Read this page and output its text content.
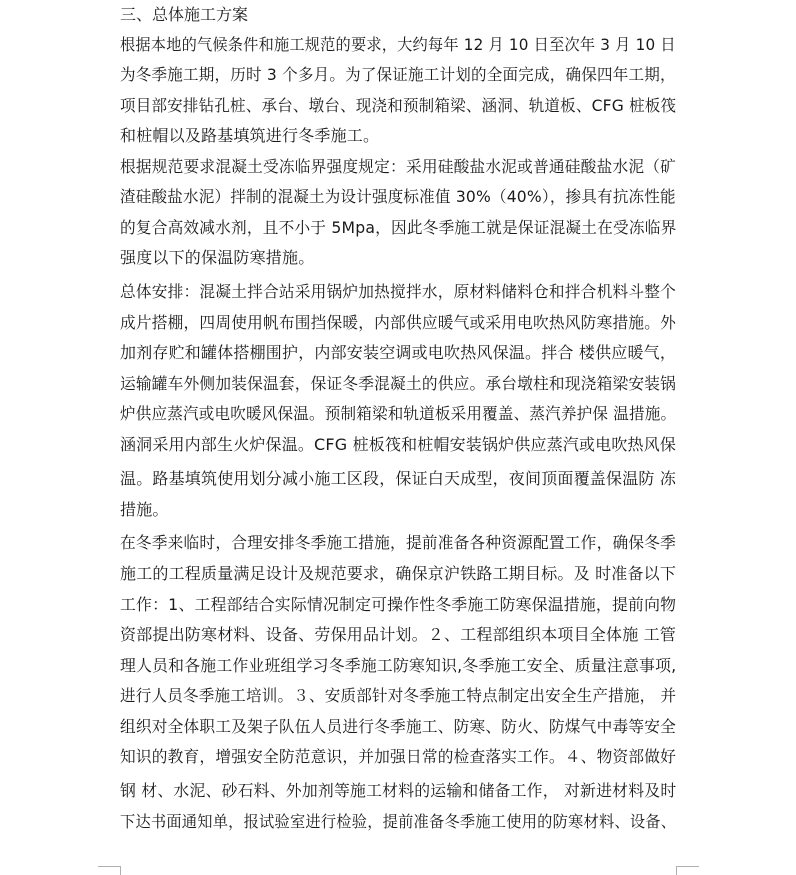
三、总体施工方案
根据本地的气候条件和施工规范的要求，大约每年 12 月 10 日至次年 3 月 10 日
为冬季施工期，历时 3 个多月。为了保证施工计划的全面完成，确保四年工期，
项目部安排钻孔桩、承台、墩台、现浇和预制箱梁、涵洞、轨道板、CFG 桩板筏
和桩帽以及路基填筑进行冬季施工。
根据规范要求混凝土受冻临界强度规定：采用硅酸盐水泥或普通硅酸盐水泥（矿
渣硅酸盐水泥）拌制的混凝土为设计强度标准值 30%（40%），掺具有抗冻性能
的复合高效减水剂，且不小于 5Mpa，因此冬季施工就是保证混凝土在受冻临界
强度以下的保温防寒措施。
总体安排：混凝土拌合站采用锅炉加热搅拌水，原材料储料仓和拌合机料斗整个
成片搭棚，四周使用帆布围挡保暖，内部供应暖气或采用电吹热风防寒措施。外
加剂存贮和罐体搭棚围护，内部安装空调或电吹热风保温。拌合 楼供应暖气，
运输罐车外侧加装保温套，保证冬季混凝土的供应。承台墩柱和现浇箱梁安装锅
炉供应蒸汽或电吹暖风保温。预制箱梁和轨道板采用覆盖、蒸汽养护保 温措施。
涵洞采用内部生火炉保温。CFG 桩板筏和桩帽安装锅炉供应蒸汽或电吹热风保
温。路基填筑使用划分减小施工区段，保证白天成型，夜间顶面覆盖保温防 冻
措施。
在冬季来临时，合理安排冬季施工措施，提前准备各种资源配置工作，确保冬季
施工的工程质量满足设计及规范要求，确保京沪铁路工期目标。及 时准备以下
工作：1、工程部结合实际情况制定可操作性冬季施工防寒保温措施，提前向物
资部提出防寒材料、设备、劳保用品计划。２、工程部组织本项目全体施 工管
理人员和各施工作业班组学习冬季施工防寒知识,冬季施工安全、质量注意事项,
进行人员冬季施工培训。３、安质部针对冬季施工特点制定出安全生产措施， 并
组织对全体职工及架子队伍人员进行冬季施工、防寒、防火、防煤气中毒等安全
知识的教育，增强安全防范意识，并加强日常的检查落实工作。４、物资部做好
钢 材、水泥、砂石料、外加剂等施工材料的运输和储备工作， 对新进材料及时
下达书面通知单，报试验室进行检验，提前准备冬季施工使用的防寒材料、设备、
